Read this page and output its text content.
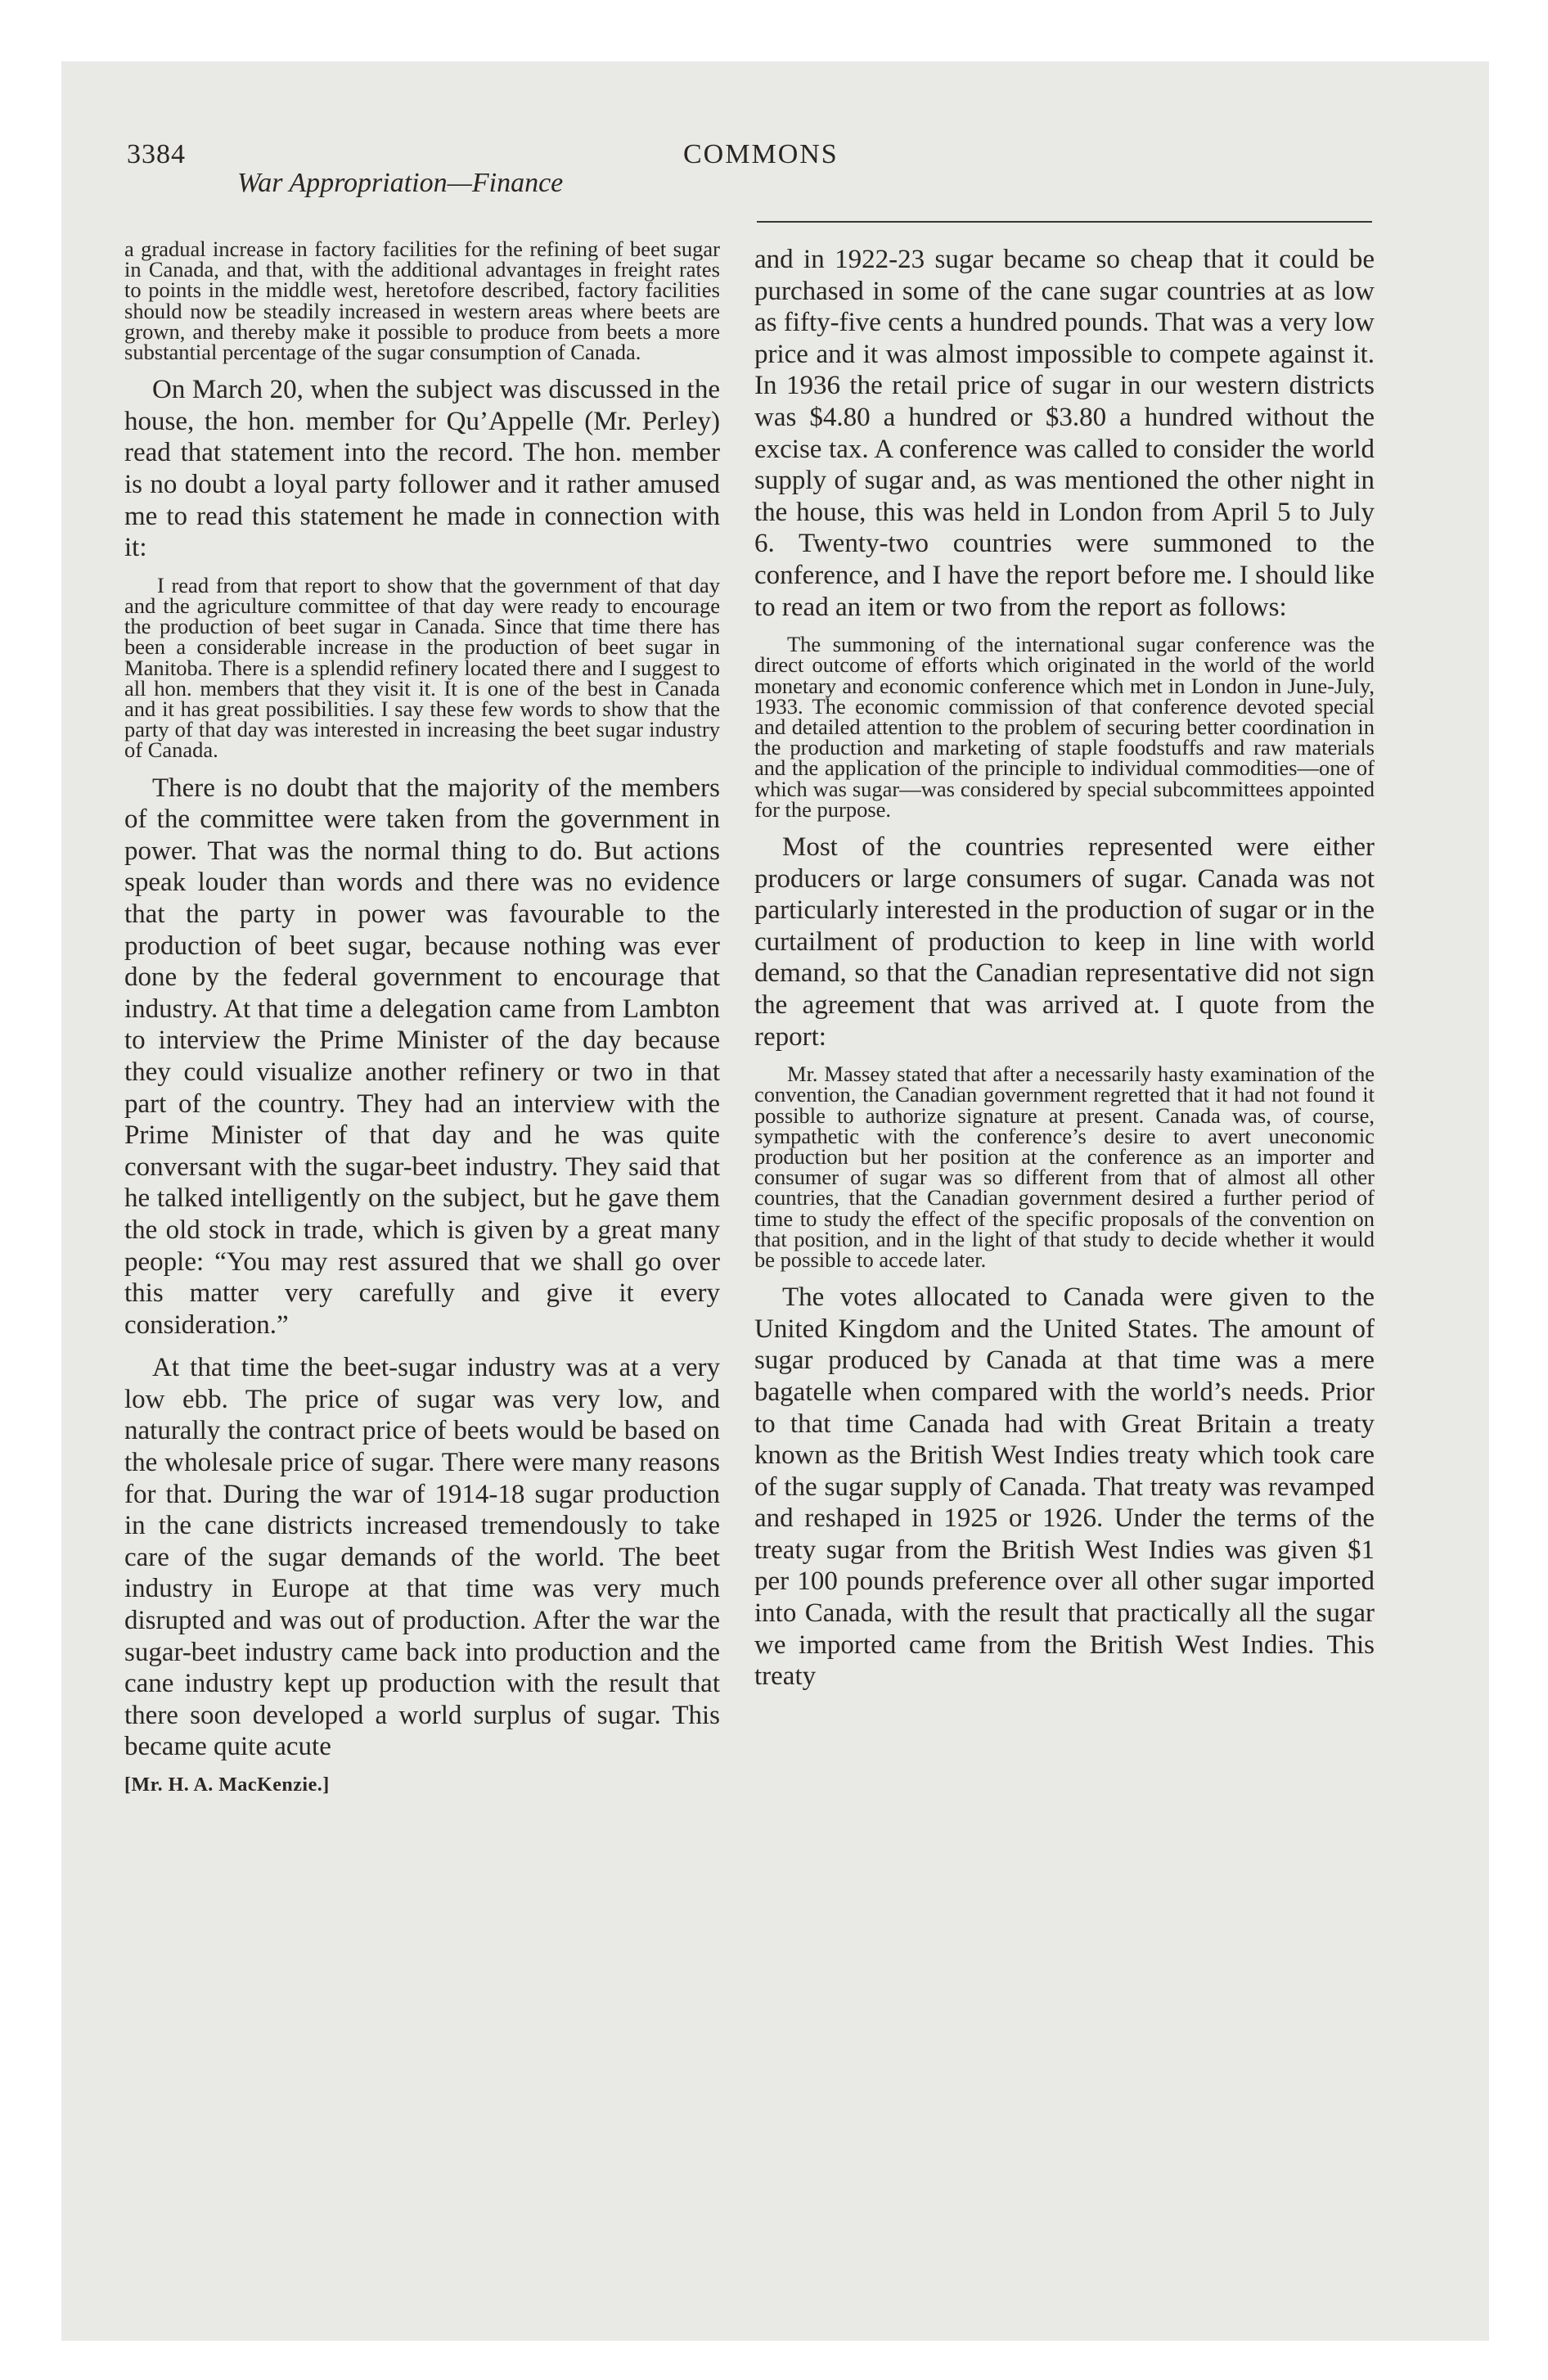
3384
War Appropriation—Finance
COMMONS

a gradual increase in factory facilities for the refining of beet sugar in Canada, and that, with the additional advantages in freight rates to points in the middle west, heretofore described, factory facilities should now be steadily increased in western areas where beets are grown, and thereby make it possible to produce from beets a more substantial percentage of the sugar consumption of Canada.

On March 20, when the subject was discussed in the house, the hon. member for Qu’Appelle (Mr. Perley) read that statement into the record. The hon. member is no doubt a loyal party follower and it rather amused me to read this statement he made in connection with it:

I read from that report to show that the government of that day and the agriculture committee of that day were ready to encourage the production of beet sugar in Canada. Since that time there has been a considerable increase in the production of beet sugar in Manitoba. There is a splendid refinery located there and I suggest to all hon. members that they visit it. It is one of the best in Canada and it has great possibilities. I say these few words to show that the party of that day was interested in increasing the beet sugar industry of Canada.

There is no doubt that the majority of the members of the committee were taken from the government in power. That was the normal thing to do. But actions speak louder than words and there was no evidence that the party in power was favourable to the production of beet sugar, because nothing was ever done by the federal government to encourage that industry. At that time a delegation came from Lambton to interview the Prime Minister of the day because they could visualize another refinery or two in that part of the country. They had an interview with the Prime Minister of that day and he was quite conversant with the sugar-beet industry. They said that he talked intelligently on the subject, but he gave them the old stock in trade, which is given by a great many people: “You may rest assured that we shall go over this matter very carefully and give it every consideration.”

At that time the beet-sugar industry was at a very low ebb. The price of sugar was very low, and naturally the contract price of beets would be based on the wholesale price of sugar. There were many reasons for that. During the war of 1914-18 sugar production in the cane districts increased tremendously to take care of the sugar demands of the world. The beet industry in Europe at that time was very much disrupted and was out of production. After the war the sugar-beet industry came back into production and the cane industry kept up production with the result that there soon developed a world surplus of sugar. This became quite acute

[Mr. H. A. MacKenzie.]

and in 1922-23 sugar became so cheap that it could be purchased in some of the cane sugar countries at as low as fifty-five cents a hundred pounds. That was a very low price and it was almost impossible to compete against it. In 1936 the retail price of sugar in our western districts was $4.80 a hundred or $3.80 a hundred without the excise tax. A conference was called to consider the world supply of sugar and, as was mentioned the other night in the house, this was held in London from April 5 to July 6. Twenty-two countries were summoned to the conference, and I have the report before me. I should like to read an item or two from the report as follows:

The summoning of the international sugar conference was the direct outcome of efforts which originated in the world of the world monetary and economic conference which met in London in June-July, 1933. The economic commission of that conference devoted special and detailed attention to the problem of securing better coordination in the production and marketing of staple foodstuffs and raw materials and the application of the principle to individual commodities—one of which was sugar—was considered by special subcommittees appointed for the purpose.

Most of the countries represented were either producers or large consumers of sugar. Canada was not particularly interested in the production of sugar or in the curtailment of production to keep in line with world demand, so that the Canadian representative did not sign the agreement that was arrived at. I quote from the report:

Mr. Massey stated that after a necessarily hasty examination of the convention, the Canadian government regretted that it had not found it possible to authorize signature at present. Canada was, of course, sympathetic with the conference’s desire to avert uneconomic production but her position at the conference as an importer and consumer of sugar was so different from that of almost all other countries, that the Canadian government desired a further period of time to study the effect of the specific proposals of the convention on that position, and in the light of that study to decide whether it would be possible to accede later.

The votes allocated to Canada were given to the United Kingdom and the United States. The amount of sugar produced by Canada at that time was a mere bagatelle when compared with the world’s needs. Prior to that time Canada had with Great Britain a treaty known as the British West Indies treaty which took care of the sugar supply of Canada. That treaty was revamped and reshaped in 1925 or 1926. Under the terms of the treaty sugar from the British West Indies was given $1 per 100 pounds preference over all other sugar imported into Canada, with the result that practically all the sugar we imported came from the British West Indies. This treaty
